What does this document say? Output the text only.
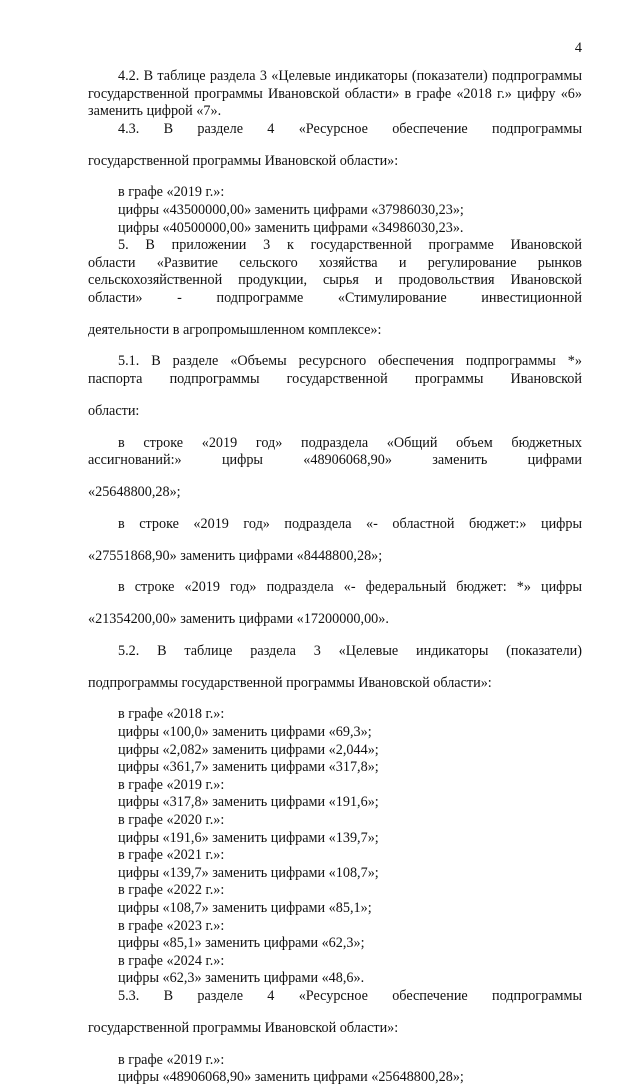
4

4.2. В таблице раздела 3 «Целевые индикаторы (показатели) подпрограммы государственной программы Ивановской области» в графе «2018 г.» цифру «6» заменить цифрой «7».

4.3. В разделе 4 «Ресурсное обеспечение подпрограммы

государственной программы Ивановской области»:

в графе «2019 г.»:

цифры «43500000,00» заменить цифрами «37986030,23»;

цифры «40500000,00» заменить цифрами «34986030,23».

5. В приложении 3 к государственной программе Ивановской

области «Развитие сельского хозяйства и регулирование рынков

сельскохозяйственной продукции, сырья и продовольствия Ивановской

области» - подпрограмме «Стимулирование инвестиционной

деятельности в агропромышленном комплексе»:

5.1. В разделе «Объемы ресурсного обеспечения подпрограммы *»

паспорта подпрограммы государственной программы Ивановской

области:

в строке «2019 год» подраздела «Общий объем бюджетных

ассигнований:» цифры «48906068,90» заменить цифрами

«25648800,28»;

в строке «2019 год» подраздела «- областной бюджет:» цифры

«27551868,90» заменить цифрами «8448800,28»;

в строке «2019 год» подраздела «- федеральный бюджет: *» цифры

«21354200,00» заменить цифрами «17200000,00».

5.2. В таблице раздела 3 «Целевые индикаторы (показатели)

подпрограммы государственной программы Ивановской области»:

в графе «2018 г.»:

цифры «100,0» заменить цифрами «69,3»;

цифры «2,082» заменить цифрами «2,044»;

цифры «361,7» заменить цифрами «317,8»;

в графе «2019 г.»:

цифры «317,8» заменить цифрами «191,6»;

в графе «2020 г.»:

цифры «191,6» заменить цифрами «139,7»;

в графе «2021 г.»:

цифры «139,7» заменить цифрами «108,7»;

в графе «2022 г.»:

цифры «108,7» заменить цифрами «85,1»;

в графе «2023 г.»:

цифры «85,1» заменить цифрами «62,3»;

в графе «2024 г.»:

цифры «62,3» заменить цифрами «48,6».

5.3. В разделе 4 «Ресурсное обеспечение подпрограммы

государственной программы Ивановской области»:

в графе «2019 г.»:

цифры «48906068,90» заменить цифрами «25648800,28»;
